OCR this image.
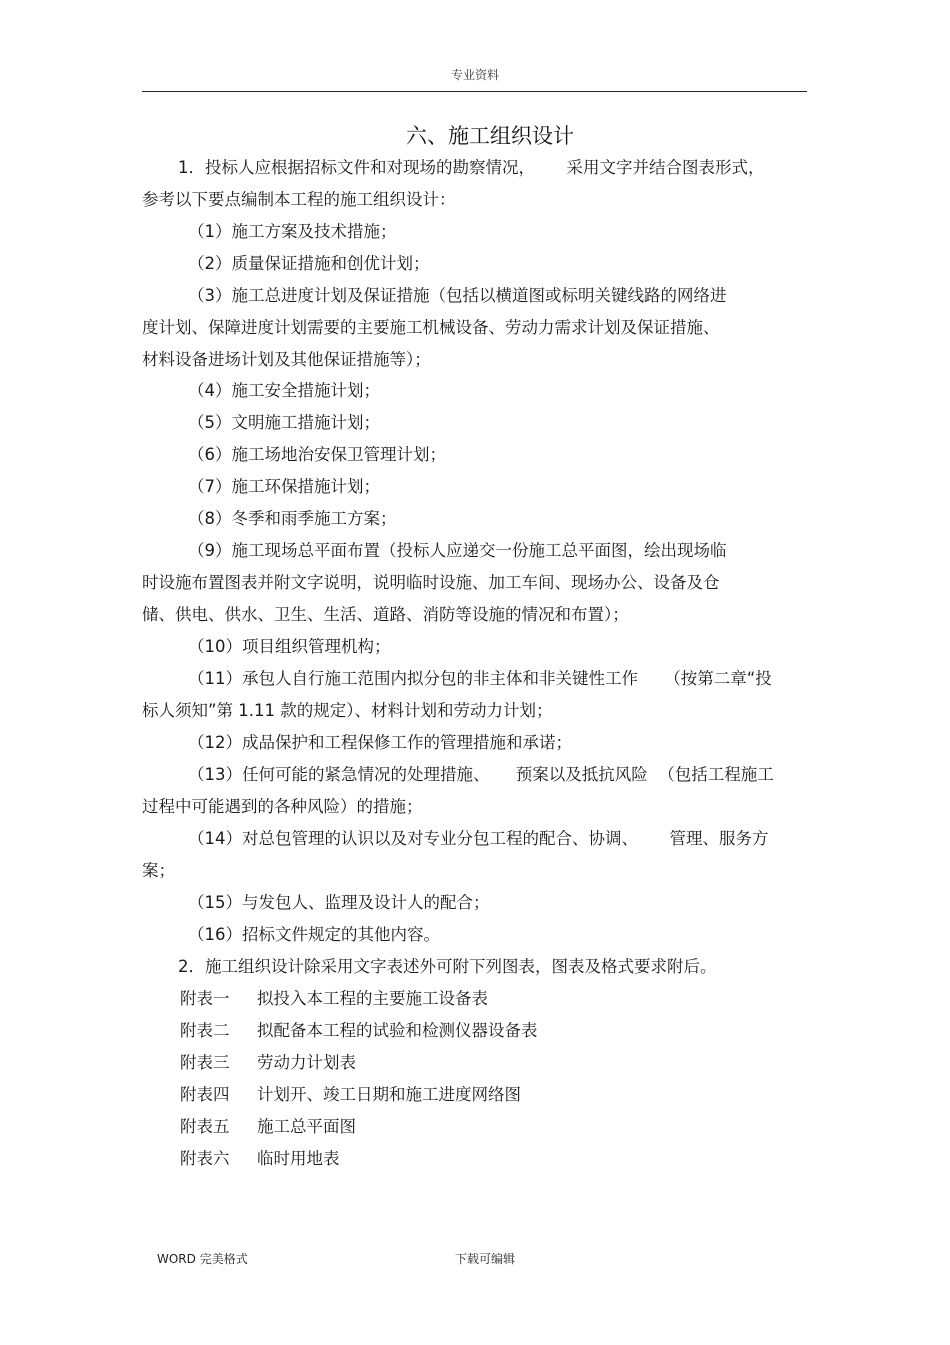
专业资料
六、施工组织设计
1．投标人应根据招标文件和对现场的勘察情况，      采用文字并结合图表形式，
参考以下要点编制本工程的施工组织设计：
（1）施工方案及技术措施；
（2）质量保证措施和创优计划；
（3）施工总进度计划及保证措施（包括以横道图或标明关键线路的网络进
度计划、保障进度计划需要的主要施工机械设备、劳动力需求计划及保证措施、
材料设备进场计划及其他保证措施等）；
（4）施工安全措施计划；
（5）文明施工措施计划；
（6）施工场地治安保卫管理计划；
（7）施工环保措施计划；
（8）冬季和雨季施工方案；
（9）施工现场总平面布置（投标人应递交一份施工总平面图，绘出现场临
时设施布置图表并附文字说明，说明临时设施、加工车间、现场办公、设备及仓
储、供电、供水、卫生、生活、道路、消防等设施的情况和布置）；
（10）项目组织管理机构；
（11）承包人自行施工范围内拟分包的非主体和非关键性工作     （按第二章“投
标人须知”第 1.11 款的规定）、材料计划和劳动力计划；
（12）成品保护和工程保修工作的管理措施和承诺；
（13）任何可能的紧急情况的处理措施、     预案以及抵抗风险  （包括工程施工
过程中可能遇到的各种风险）的措施；
（14）对总包管理的认识以及对专业分包工程的配合、协调、      管理、服务方
案；
（15）与发包人、监理及设计人的配合；
（16）招标文件规定的其他内容。
2．施工组织设计除采用文字表述外可附下列图表，图表及格式要求附后。
附表一 拟投入本工程的主要施工设备表
附表二 拟配备本工程的试验和检测仪器设备表
附表三 劳动力计划表
附表四 计划开、竣工日期和施工进度网络图
附表五 施工总平面图
附表六 临时用地表
WORD 完美格式	下载可编辑
